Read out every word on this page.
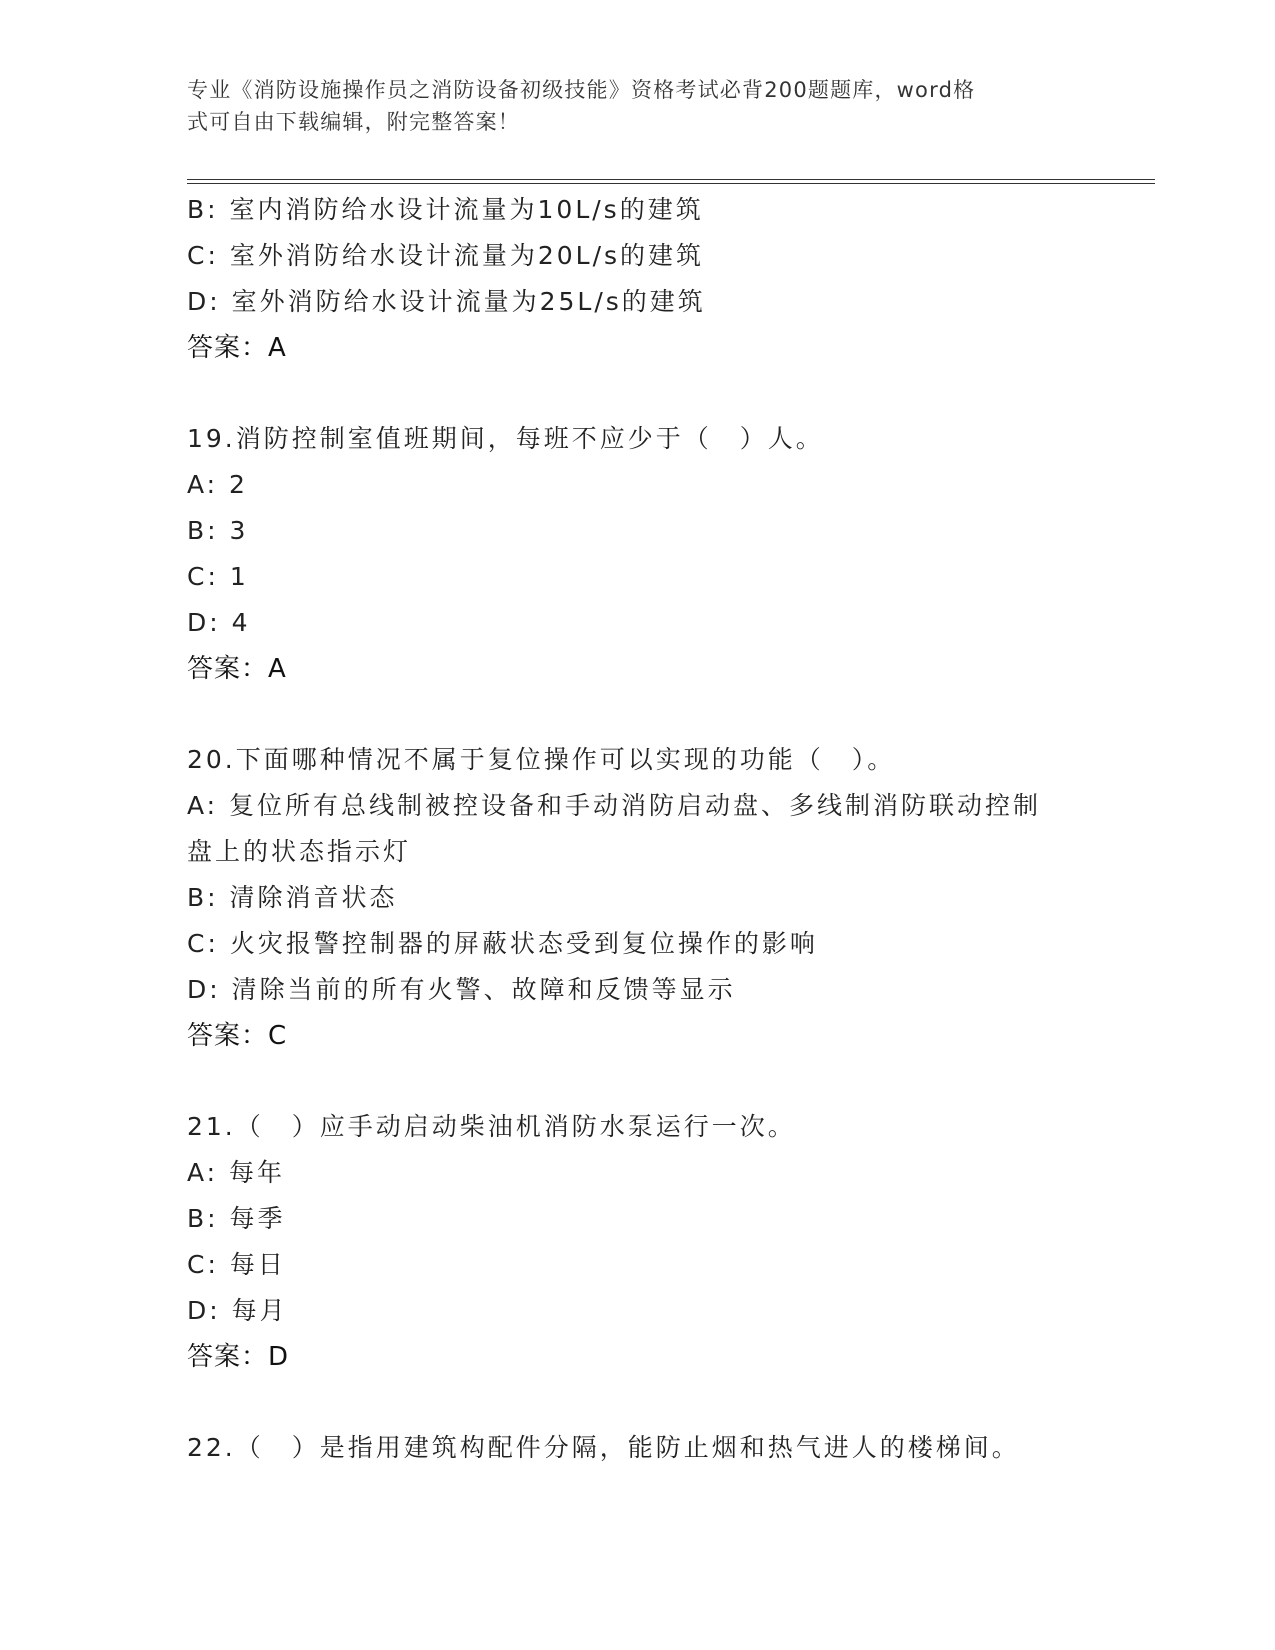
专业《消防设施操作员之消防设备初级技能》资格考试必背200题题库，word格
式可自由下载编辑，附完整答案！
B: 室内消防给水设计流量为10L/s的建筑
C: 室外消防给水设计流量为20L/s的建筑
D: 室外消防给水设计流量为25L/s的建筑
答案：A
19.消防控制室值班期间，每班不应少于（　）人。
A: 2
B: 3
C: 1
D: 4
答案：A
20.下面哪种情况不属于复位操作可以实现的功能（　）。
A: 复位所有总线制被控设备和手动消防启动盘、多线制消防联动控制盘上的状态指示灯
B: 清除消音状态
C: 火灾报警控制器的屏蔽状态受到复位操作的影响
D: 清除当前的所有火警、故障和反馈等显示
答案：C
21.（　）应手动启动柴油机消防水泵运行一次。
A: 每年
B: 每季
C: 每日
D: 每月
答案：D
22.（　）是指用建筑构配件分隔，能防止烟和热气进人的楼梯间。
